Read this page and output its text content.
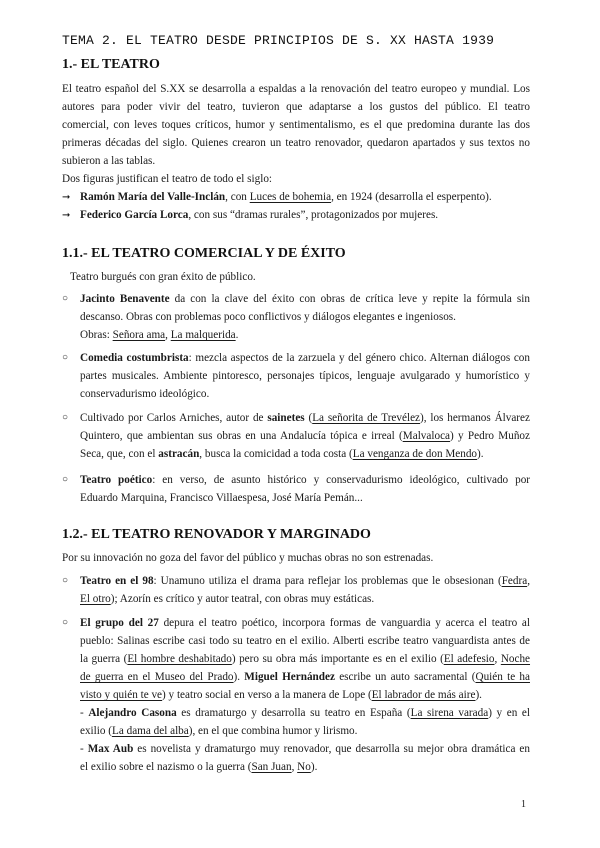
TEMA 2. EL TEATRO DESDE PRINCIPIOS DE S. XX HASTA 1939
1.- EL TEATRO
El teatro español del S.XX se desarrolla a espaldas a la renovación del teatro europeo y mundial. Los
autores para poder vivir del teatro, tuvieron que adaptarse a los gustos del público. El teatro
comercial, con leves toques críticos, humor y sentimentalismo, es el que predomina durante las dos
primeras décadas del siglo. Quienes crearon un teatro renovador, quedaron apartados y sus textos no
subieron a las tablas.
Dos figuras justifican el teatro de todo el siglo:
➞ Ramón María del Valle-Inclán, con Luces de bohemia, en 1924 (desarrolla el esperpento).
➞ Federico García Lorca, con sus “dramas rurales”, protagonizados por mujeres.
1.1.- EL TEATRO COMERCIAL Y DE ÉXITO
Teatro burgués con gran éxito de público.
○ Jacinto Benavente da con la clave del éxito con obras de crítica leve y repite la fórmula sin
descanso. Obras con problemas poco conflictivos y diálogos elegantes e ingeniosos.
Obras: Señora ama, La malquerida.
○ Comedia costumbrista: mezcla aspectos de la zarzuela y del género chico. Alternan diálogos con
partes musicales. Ambiente pintoresco, personajes típicos, lenguaje avulgarado y humorístico y
conservadurismo ideológico.
○ Cultivado por Carlos Arniches, autor de sainetes (La señorita de Trevélez), los hermanos Álvarez
Quintero, que ambientan sus obras en una Andalucía tópica e irreal (Malvaloca) y Pedro Muñoz
Seca, que, con el astracán, busca la comicidad a toda costa (La venganza de don Mendo).
○ Teatro poético: en verso, de asunto histórico y conservadurismo ideológico, cultivado por
Eduardo Marquina, Francisco Villaespesa, José María Pemán...
1.2.- EL TEATRO RENOVADOR Y MARGINADO
Por su innovación no goza del favor del público y muchas obras no son estrenadas.
○ Teatro en el 98: Unamuno utiliza el drama para reflejar los problemas que le obsesionan (Fedra,
El otro); Azorín es crítico y autor teatral, con obras muy estáticas.
○ El grupo del 27 depura el teatro poético, incorpora formas de vanguardia y acerca el teatro al
pueblo: Salinas escribe casi todo su teatro en el exilio. Alberti escribe teatro vanguardista antes de
la guerra (El hombre deshabitado) pero su obra más importante es en el exilio (El adefesio, Noche
de guerra en el Museo del Prado). Miguel Hernández escribe un auto sacramental (Quién te ha
visto y quién te ve) y teatro social en verso a la manera de Lope (El labrador de más aire).
- Alejandro Casona es dramaturgo y desarrolla su teatro en España (La sirena varada) y en el
exilio (La dama del alba), en el que combina humor y lirismo.
- Max Aub es novelista y dramaturgo muy renovador, que desarrolla su mejor obra dramática en
el exilio sobre el nazismo o la guerra (San Juan, No).
1
